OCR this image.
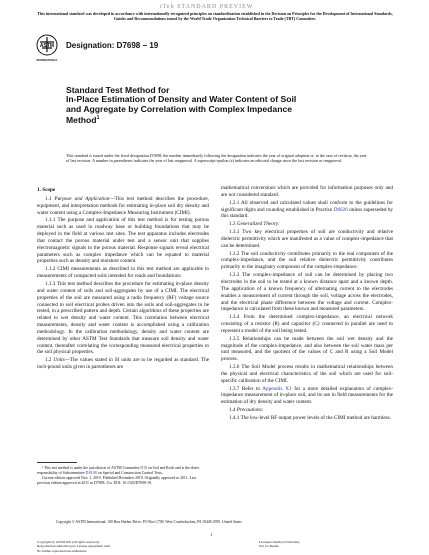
iTeh STANDARD PREVIEW
This international standard was developed in accordance with internationally recognized principles on standardization established in the Decision on Principles for the Development of International Standards, Guides and Recommendations issued by the World Trade Organization Technical Barriers to Trade (TBT) Committee.
ASTM
INTERNATIONAL
Designation: D7698 − 19
Standard Test Method for
In-Place Estimation of Density and Water Content of Soil
and Aggregate by Correlation with Complex Impedance
Method$^1$
This standard is issued under the fixed designation D7698; the number immediately following the designation indicates the year of original adoption or, in the case of revision, the year of last revision. A number in parentheses indicates the year of last reapproval. A superscript epsilon (ε) indicates an editorial change since the last revision or reapproval.

1. Scope

1.1 Purpose and Application—This test method describes the procedure, equipment, and interpretation methods for estimating in-place soil dry density and water content using a Complex-Impedance Measuring Instrument (CIMI).

1.1.1 The purpose and application of this test method is for testing porous material such as used in roadway base or building foundations that may be deployed in the field at various test sites. The test apparatus includes electrodes that contact the porous material under test and a sensor unit that supplies electromagnetic signals to the porous material. Response signals reveal electrical parameters such as complex impedance which can be equated to material properties such as density and moisture content.

1.1.2 CIMI measurements as described in this test method are applicable to measurements of compacted soils intended for roads and foundations.

1.1.3 This test method describes the procedure for estimating in-place density and water content of soils and soil-aggregates by use of a CIMI. The electrical properties of the soil are measured using a radio frequency (RF) voltage source connected to soil electrical probes driven into the soils and soil-aggregates to be tested, in a prescribed pattern and depth. Certain algorithms of these properties are related to wet density and water content. This correlation between electrical measurements, density and water content is accomplished using a calibration methodology. In the calibration methodology, density and water content are determined by other ASTM Test Standards that measure soil density and water content, thereafter correlating the corresponding measured electrical properties to the soil physical properties.

1.2 Units—The values stated in SI units are to be regarded as standard. The inch-pound units given in parentheses are

mathematical conversions which are provided for information purposes only and are not considered standard.

1.2.1 All observed and calculated values shall conform to the guidelines for significant digits and rounding established in Practice D6026 unless superseded by this standard.

1.3 Generalized Theory:

1.3.1 Two key electrical properties of soil are conductivity and relative dielectric permittivity which are manifested as a value of complex-impedance that can be determined.

1.3.2 The soil conductivity contributes primarily to the real component of the complex-impedance, and the soil relative dielectric permittivity contributes primarily to the imaginary component of the complex-impedance.

1.3.3 The complex-impedance of soil can be determined by placing two electrodes in the soil to be tested at a known distance apart and a known depth. The application of a known frequency of alternating current to the electrodes enables a measurement of current through the soil, voltage across the electrodes, and the electrical phase difference between the voltage and current. Complex-impedance is calculated from these known and measured parameters.

1.3.4 From the determined complex-impedance, an electrical network consisting of a resistor (R) and capacitor (C) connected in parallel are used to represent a model of the soil being tested.

1.3.5 Relationships can be made between the soil wet density and the magnitude of the complex-impedance, and also between the soil water mass per unit measured, and the quotient of the values of C and R using a Soil Model process.

1.3.6 The Soil Model process results in mathematical relationships between the physical and electrical characteristics of the soil which are used for soil-specific calibration of the CIMI.

1.3.7 Refer to Appendix X1 for a more detailed explanation of complex-impedance measurement of in-place soil, and its use in field measurements for the estimation of dry density and water content.

1.4 Precautions:

1.4.1 The low-level RF output power levels of the CIMI method are harmless.

¹ This test method is under the jurisdiction of ASTM Committee D18 on Soil and Rock and is the direct responsibility of Subcommittee D18.08 on Special and Construction Control Tests.

Current edition approved Nov. 1, 2019. Published December 2019. Originally approved in 2011. Last previous edition approved in 2011 as D7698–11a. DOI: 10.1520/D7698-19.

Copyright © ASTM International, 100 Barr Harbor Drive, PO Box C700, West Conshohocken, PA 19428-2959. United States
1
Copyright by ASTM Int'l (all rights reserved);
Reproduction authorized per License Agreement with
No further reproductions authorized.
Licensee=Stanford University
Not for Resale
